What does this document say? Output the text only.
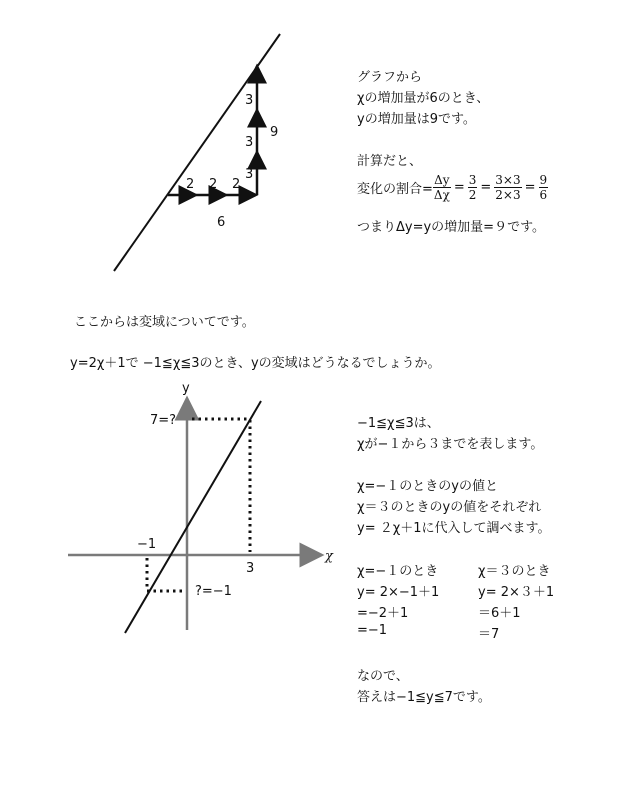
2 2 2
3
3
3
6
9
グラフから
χの増加量が6のとき、
yの増加量は9です。
計算だと、
変化の割合= $\frac{\Delta y}{\Delta\chi} = \frac{3}{2} = \frac{3\times 3}{2\times 3} = \frac{9}{6}$
つまりΔy=yの増加量=９です。
ここからは変域についてです。
y=2χ＋1で −1≦χ≦3のとき、yの変域はどうなるでしょうか。
y
χ
7=?
−1
3
?=−1
−1≦χ≦3は、
χが−１から３までを表します。
χ=−１のときのyの値と
χ＝３のときのyの値をそれぞれ
y= ２χ＋1に代入して調べます。
χ=−１のとき
y= 2×−1＋1
=−2＋1
=−1
χ＝３のとき
y= 2×３＋1
＝6＋1
＝7
なので、
答えは−1≦y≦7です。
